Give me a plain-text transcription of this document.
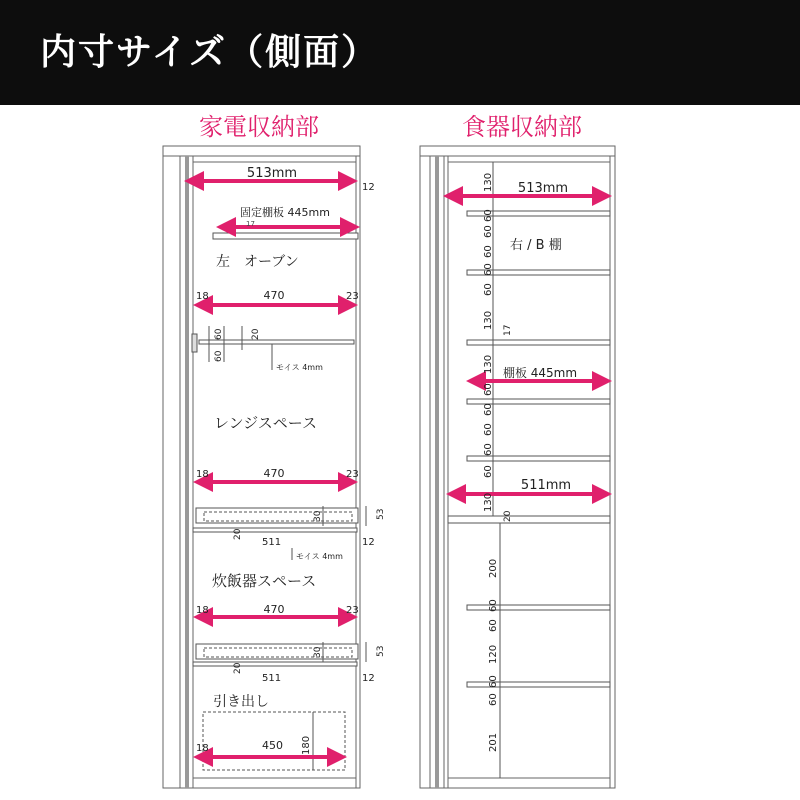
内寸サイズ（側面）
家電収納部
513mm
12
固定棚板 445mm
17
左　オーブン
470
18	23
60
60
20
モイス 4mm
レンジスペース
470
18	23
30	53
20
511	12
モイス 4mm
炊飯器スペース
470
18	23
30	53
20
511	12
引き出し
180
450
18
食器収納部
513mm
右 / B 棚
棚板 445mm
511mm
130
60
60
60
60
60
130
130
60
60
60
60
60
130
17
20
200
60
60
120
60
60
201
